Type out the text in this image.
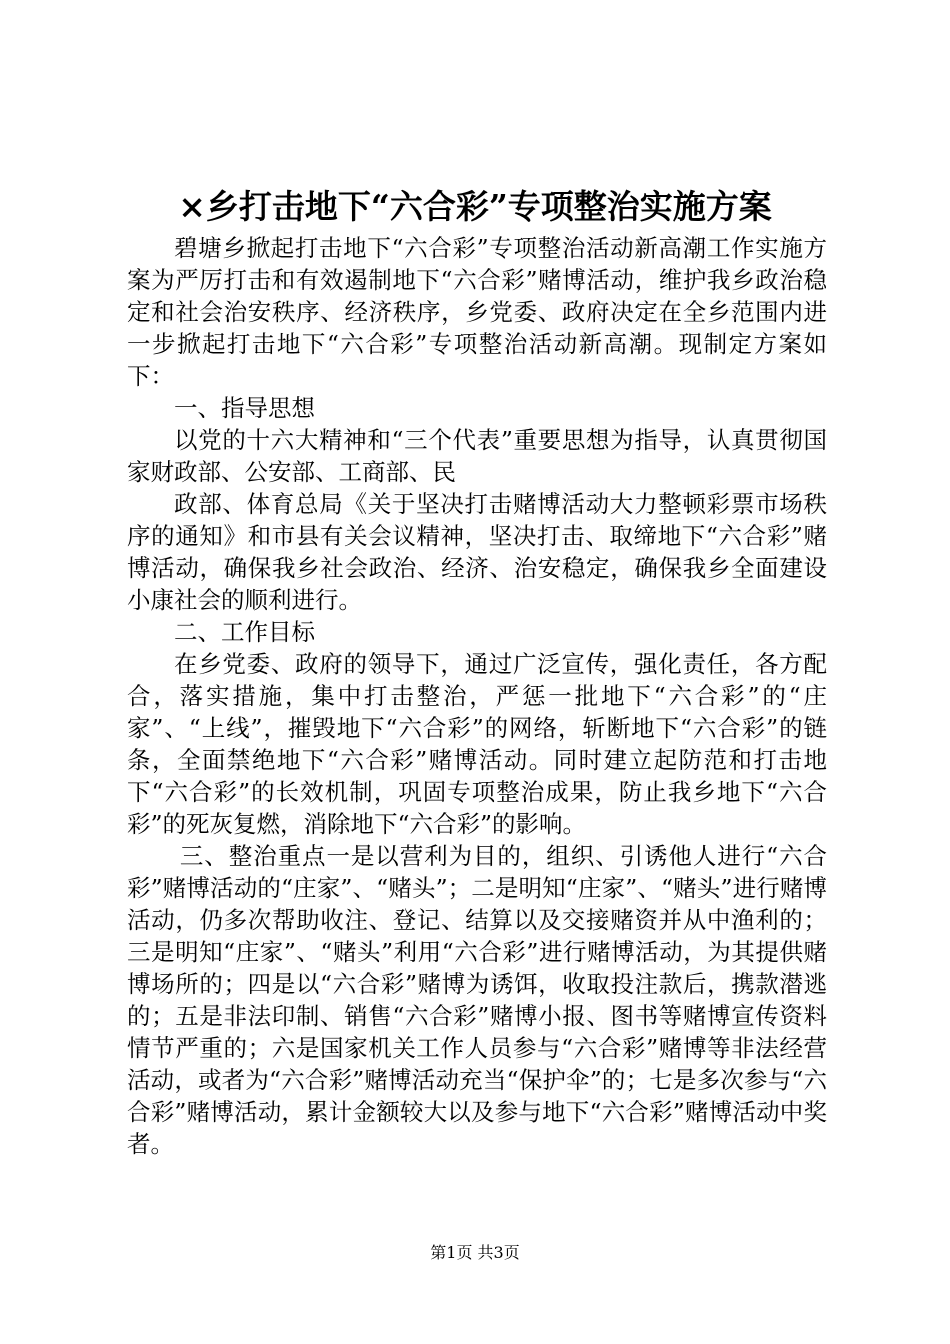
×乡打击地下“六合彩”专项整治实施方案

碧塘乡掀起打击地下“六合彩”专项整治活动新高潮工作实施方案为严厉打击和有效遏制地下“六合彩”赌博活动，维护我乡政治稳定和社会治安秩序、经济秩序，乡党委、政府决定在全乡范围内进一步掀起打击地下“六合彩”专项整治活动新高潮。现制定方案如下：

一、指导思想

以党的十六大精神和“三个代表”重要思想为指导，认真贯彻国家财政部、公安部、工商部、民

政部、体育总局《关于坚决打击赌博活动大力整顿彩票市场秩序的通知》和市县有关会议精神，坚决打击、取缔地下“六合彩”赌博活动，确保我乡社会政治、经济、治安稳定，确保我乡全面建设小康社会的顺利进行。

二、工作目标

在乡党委、政府的领导下，通过广泛宣传，强化责任，各方配合，落实措施，集中打击整治，严惩一批地下“六合彩”的“庄家”、“上线”，摧毁地下“六合彩”的网络，斩断地下“六合彩”的链条，全面禁绝地下“六合彩”赌博活动。同时建立起防范和打击地下“六合彩”的长效机制，巩固专项整治成果，防止我乡地下“六合彩”的死灰复燃，消除地下“六合彩”的影响。

三、整治重点一是以营利为目的，组织、引诱他人进行“六合彩”赌博活动的“庄家”、“赌头”；二是明知“庄家”、“赌头”进行赌博活动，仍多次帮助收注、登记、结算以及交接赌资并从中渔利的；三是明知“庄家”、“赌头”利用“六合彩”进行赌博活动，为其提供赌博场所的；四是以“六合彩”赌博为诱饵，收取投注款后，携款潜逃的；五是非法印制、销售“六合彩”赌博小报、图书等赌博宣传资料情节严重的；六是国家机关工作人员参与“六合彩”赌博等非法经营活动，或者为“六合彩”赌博活动充当“保护伞”的；七是多次参与“六合彩”赌博活动，累计金额较大以及参与地下“六合彩”赌博活动中奖者。

第1页 共3页
